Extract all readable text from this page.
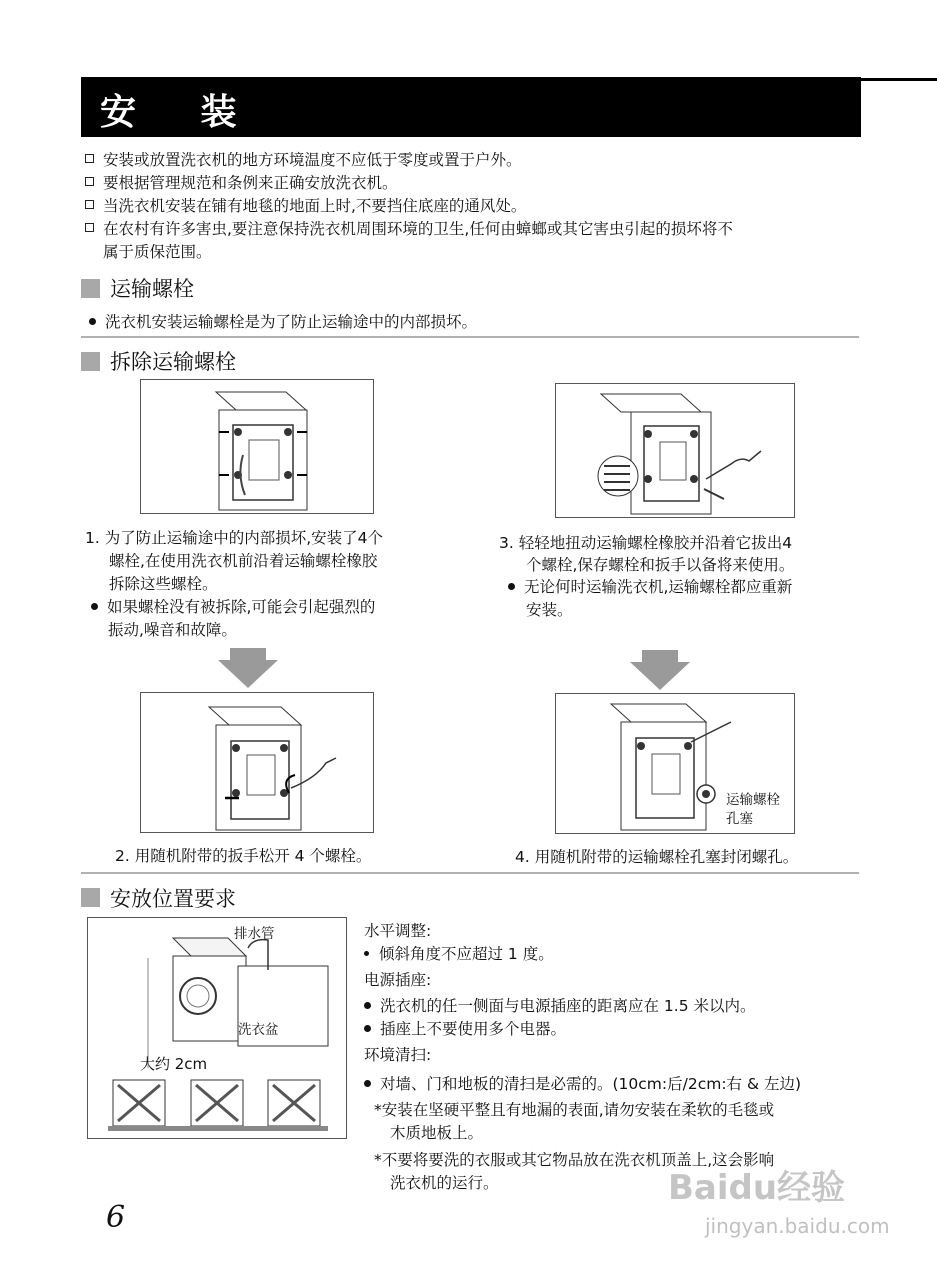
安 装
安装或放置洗衣机的地方环境温度不应低于零度或置于户外。
要根据管理规范和条例来正确安放洗衣机。
当洗衣机安装在铺有地毯的地面上时,不要挡住底座的通风处。
在农村有许多害虫,要注意保持洗衣机周围环境的卫生,任何由蟑螂或其它害虫引起的损坏将不
属于质保范围。
运输螺栓
洗衣机安装运输螺栓是为了防止运输途中的内部损坏。
拆除运输螺栓
1. 为了防止运输途中的内部损坏,安装了4个
螺栓,在使用洗衣机前沿着运输螺栓橡胶
拆除这些螺栓。
如果螺栓没有被拆除,可能会引起强烈的
振动,噪音和故障。
3. 轻轻地扭动运输螺栓橡胶并沿着它拔出4
个螺栓,保存螺栓和扳手以备将来使用。
无论何时运输洗衣机,运输螺栓都应重新
安装。
运输螺栓
孔塞
2. 用随机附带的扳手松开 4 个螺栓。	4. 用随机附带的运输螺栓孔塞封闭螺孔。
安放位置要求
排水管
洗衣盆
大约 2cm
水平调整:
倾斜角度不应超过 1 度。
电源插座:
洗衣机的任一侧面与电源插座的距离应在 1.5 米以内。
插座上不要使用多个电器。
环境清扫:
对墙、门和地板的清扫是必需的。(10cm:后/2cm:右 & 左边)
*安装在坚硬平整且有地漏的表面,请勿安装在柔软的毛毯或
木质地板上。
*不要将要洗的衣服或其它物品放在洗衣机顶盖上,这会影响
洗衣机的运行。
6
Baidu经验
jingyan.baidu.com
